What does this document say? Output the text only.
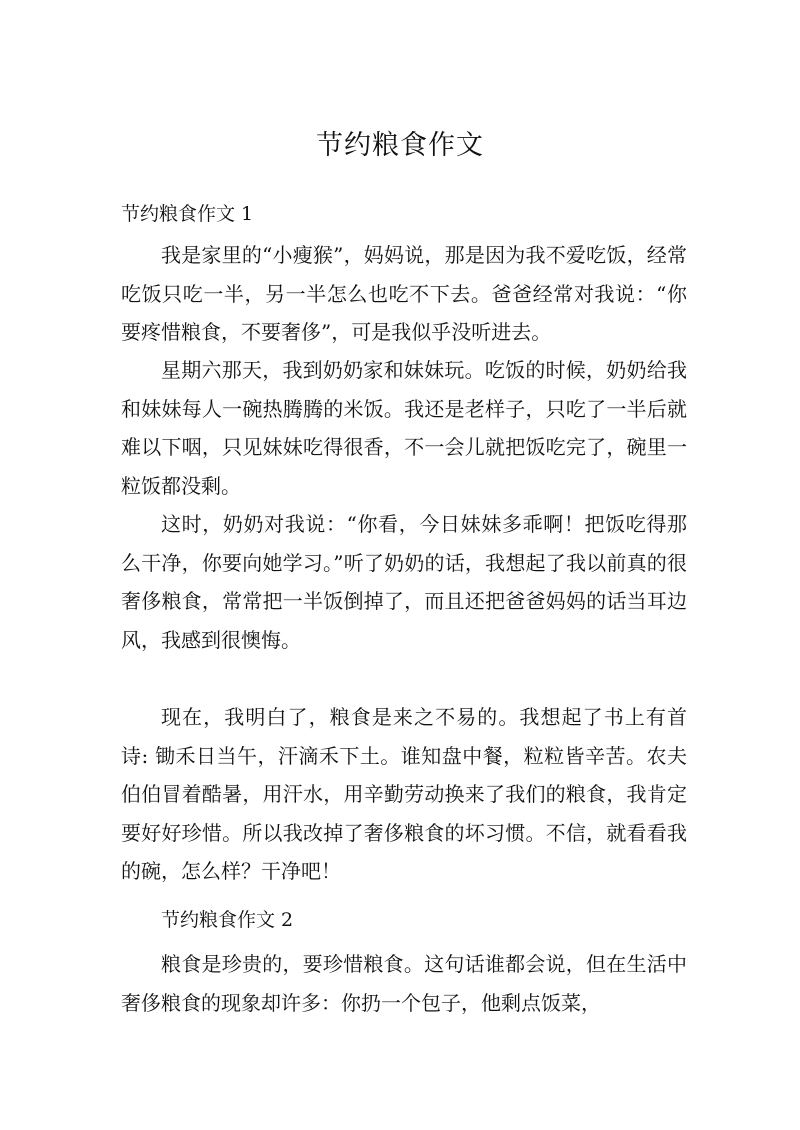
节约粮食作文
节约粮食作文 1

我是家里的“小瘦猴”，妈妈说，那是因为我不爱吃饭，经常吃饭只吃一半，另一半怎么也吃不下去。爸爸经常对我说：“你要疼惜粮食，不要奢侈”，可是我似乎没听进去。

星期六那天，我到奶奶家和妹妹玩。吃饭的时候，奶奶给我和妹妹每人一碗热腾腾的米饭。我还是老样子，只吃了一半后就难以下咽，只见妹妹吃得很香，不一会儿就把饭吃完了，碗里一粒饭都没剩。

这时，奶奶对我说：“你看，今日妹妹多乖啊！把饭吃得那么干净，你要向她学习。”听了奶奶的话，我想起了我以前真的很奢侈粮食，常常把一半饭倒掉了，而且还把爸爸妈妈的话当耳边风，我感到很懊悔。

现在，我明白了，粮食是来之不易的。我想起了书上有首诗: 锄禾日当午，汗滴禾下土。谁知盘中餐，粒粒皆辛苦。农夫伯伯冒着酷暑，用汗水，用辛勤劳动换来了我们的粮食，我肯定要好好珍惜。所以我改掉了奢侈粮食的坏习惯。不信，就看看我的碗，怎么样？干净吧！

节约粮食作文 2

粮食是珍贵的，要珍惜粮食。这句话谁都会说，但在生活中奢侈粮食的现象却许多：你扔一个包子，他剩点饭菜，
